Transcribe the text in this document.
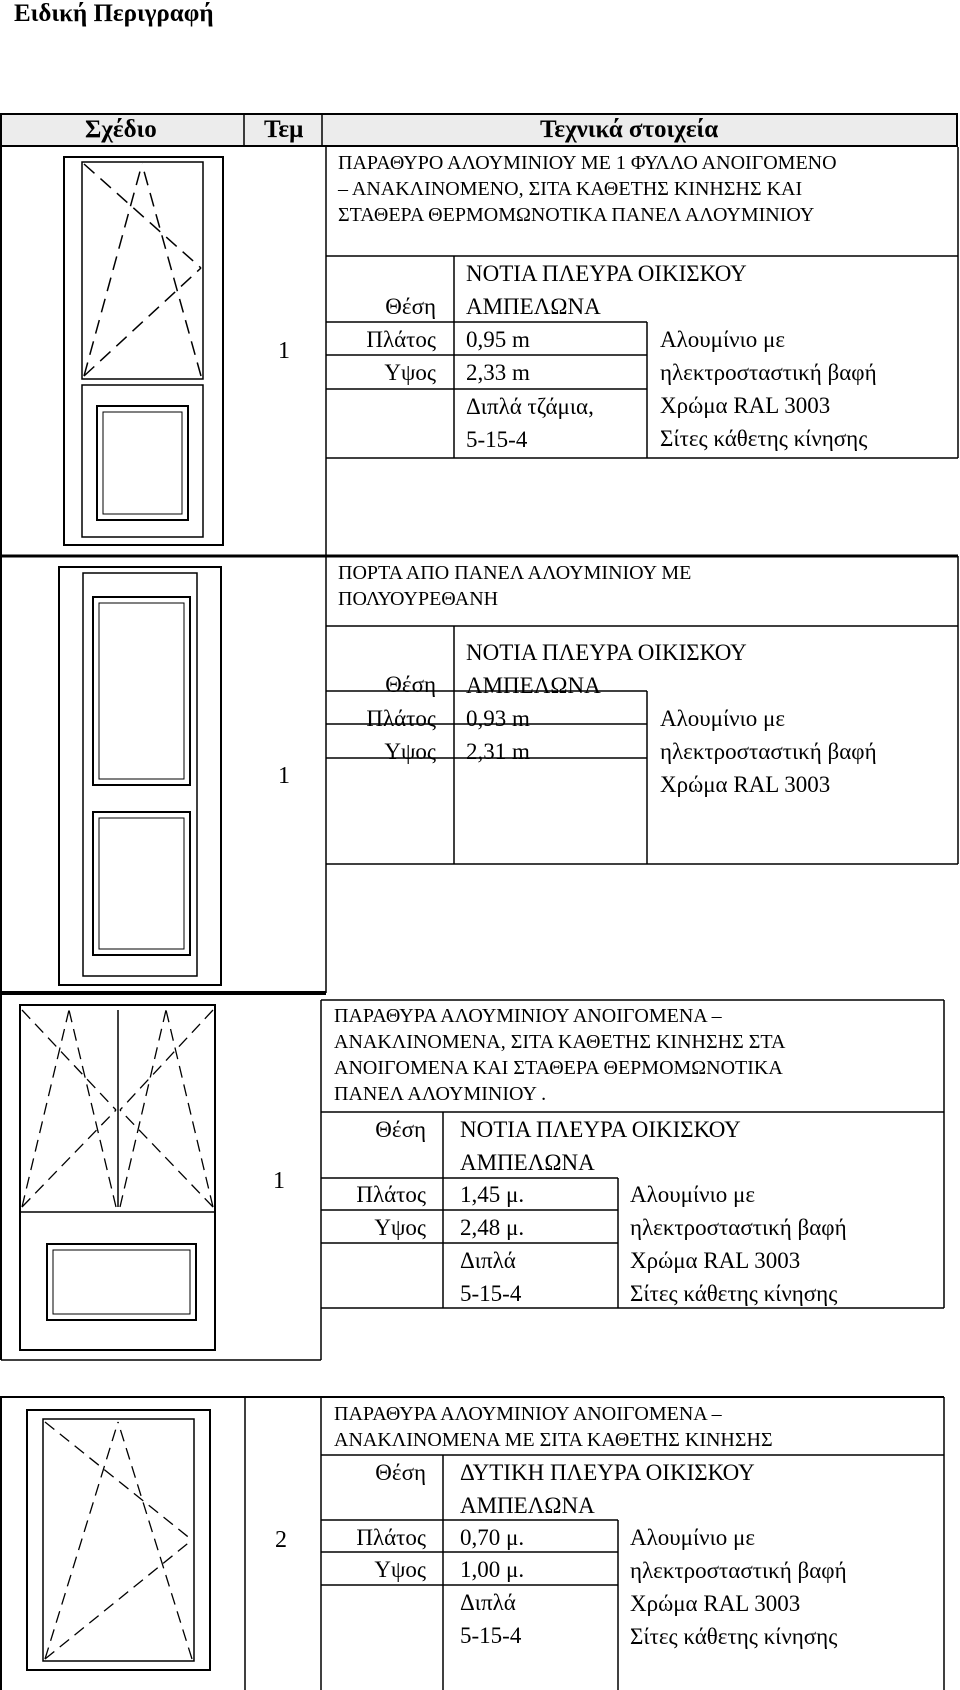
Ειδική Περιγραφή
Σχέδιο	Τεμ	Τεχνικά στοιχεία
1
ΠΑΡΑΘΥΡΟ ΑΛΟΥΜΙΝΙΟΥ ΜΕ 1 ΦΥΛΛΟ ΑΝΟΙΓΟΜΕΝΟ
– ΑΝΑΚΛΙΝΟΜΕΝΟ, ΣΙΤΑ ΚΑΘΕΤΗΣ ΚΙΝΗΣΗΣ ΚΑΙ
ΣΤΑΘΕΡΑ ΘΕΡΜΟΜΩΝΟΤΙΚΑ ΠΑΝΕΛ ΑΛΟΥΜΙΝΙΟΥ
Θέση
Πλάτος
Υψος
ΝΟΤΙΑ ΠΛΕΥΡΑ ΟΙΚΙΣΚΟΥ
ΑΜΠΕΛΩΝΑ
0,95 m
2,33 m
Διπλά τζάμια,
5-15-4
Αλουμίνιο με
ηλεκτροσταστική βαφή
Χρώμα RAL 3003
Σίτες κάθετης κίνησης
1
ΠΟΡΤΑ ΑΠΟ ΠΑΝΕΛ ΑΛΟΥΜΙΝΙΟΥ ΜΕ
ΠΟΛΥΟΥΡΕΘΑΝΗ
Θέση
Πλάτος
Υψος
ΝΟΤΙΑ ΠΛΕΥΡΑ ΟΙΚΙΣΚΟΥ
ΑΜΠΕΛΩΝΑ
0,93 m
2,31 m
Αλουμίνιο με
ηλεκτροσταστική βαφή
Χρώμα RAL 3003
1
ΠΑΡΑΘΥΡΑ ΑΛΟΥΜΙΝΙΟΥ ΑΝΟΙΓΟΜΕΝΑ –
ΑΝΑΚΛΙΝΟΜΕΝΑ, ΣΙΤΑ ΚΑΘΕΤΗΣ ΚΙΝΗΣΗΣ ΣΤΑ
ΑΝΟΙΓΟΜΕΝΑ ΚΑΙ ΣΤΑΘΕΡΑ ΘΕΡΜΟΜΩΝΟΤΙΚΑ
ΠΑΝΕΛ ΑΛΟΥΜΙΝΙΟΥ .
Θέση
Πλάτος
Υψος
ΝΟΤΙΑ ΠΛΕΥΡΑ ΟΙΚΙΣΚΟΥ
ΑΜΠΕΛΩΝΑ
1,45 μ.
2,48 μ.
Διπλά
5-15-4
Αλουμίνιο με
ηλεκτροσταστική βαφή
Χρώμα RAL 3003
Σίτες κάθετης κίνησης
2
ΠΑΡΑΘΥΡΑ ΑΛΟΥΜΙΝΙΟΥ ΑΝΟΙΓΟΜΕΝΑ –
ΑΝΑΚΛΙΝΟΜΕΝΑ ΜΕ ΣΙΤΑ ΚΑΘΕΤΗΣ ΚΙΝΗΣΗΣ
Θέση
Πλάτος
Υψος
ΔΥΤΙΚΗ ΠΛΕΥΡΑ ΟΙΚΙΣΚΟΥ
ΑΜΠΕΛΩΝΑ
0,70 μ.
1,00 μ.
Διπλά
5-15-4
Αλουμίνιο με
ηλεκτροσταστική βαφή
Χρώμα RAL 3003
Σίτες κάθετης κίνησης
